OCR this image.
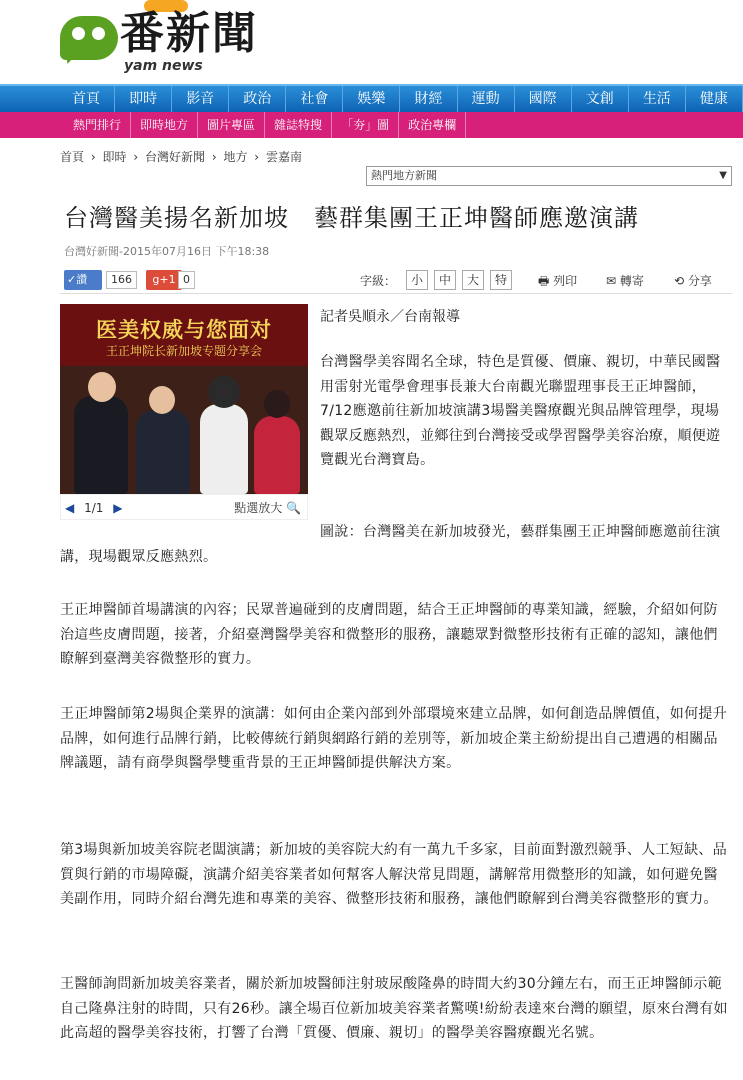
番新聞
yam news
首頁	即時	影音	政治	社會	娛樂	財經	運動	國際	文創	生活	健康
熱門排行	即時地方	圖片專區	雜誌特搜	「夯」圖	政治專欄
首頁 › 即時 › 台灣好新聞 › 地方 › 雲嘉南
熱門地方新聞	▼
台灣醫美揚名新加坡　藝群集團王正坤醫師應邀演講
台灣好新聞-2015年07月16日 下午18:38
✓讚	166	g+1 0	字級：	小	中	大	特	🖶 列印 ✉ 轉寄	⟲ 分享
医美权威与您面对
王正坤院长新加坡专题分享会
◀ 1/1 ▶	點選放大 🔍
記者吳順永／台南報導
台灣醫學美容聞名全球，特色是質優、價廉、親切，中華民國醫用雷射光電學會理事長兼大台南觀光聯盟理事長王正坤醫師，7/12應邀前往新加坡演講3場醫美醫療觀光與品牌管理學，現場觀眾反應熱烈，並鄉往到台灣接受或學習醫學美容治療，順便遊覽觀光台灣寶島。
圖說：台灣醫美在新加坡發光，藝群集團王正坤醫師應邀前往演講，現場觀眾反應熱烈。
王正坤醫師首場講演的內容；民眾普遍碰到的皮膚問題，結合王正坤醫師的專業知識，經驗，介紹如何防治這些皮膚問題，接著，介紹臺灣醫學美容和微整形的服務，讓聽眾對微整形技術有正確的認知，讓他們瞭解到臺灣美容微整形的實力。
王正坤醫師第2場與企業界的演講：如何由企業內部到外部環境來建立品牌，如何創造品牌價值，如何提升品牌，如何進行品牌行銷，比較傳統行銷與網路行銷的差別等，新加坡企業主紛紛提出自己遭遇的相關品牌議題，請有商學與醫學雙重背景的王正坤醫師提供解決方案。
第3場與新加坡美容院老闆演講；新加坡的美容院大約有一萬九千多家，目前面對激烈競爭、人工短缺、品質與行銷的市場障礙，演講介紹美容業者如何幫客人解決常見問題，講解常用微整形的知識，如何避免醫美副作用，同時介紹台灣先進和專業的美容、微整形技術和服務，讓他們瞭解到台灣美容微整形的實力。
王醫師詢問新加坡美容業者，關於新加坡醫師注射玻尿酸隆鼻的時間大約30分鐘左右，而王正坤醫師示範自己隆鼻注射的時間，只有26秒。讓全場百位新加坡美容業者驚嘆!紛紛表達來台灣的願望，原來台灣有如此高超的醫學美容技術，打響了台灣「質優、價廉、親切」的醫學美容醫療觀光名號。
